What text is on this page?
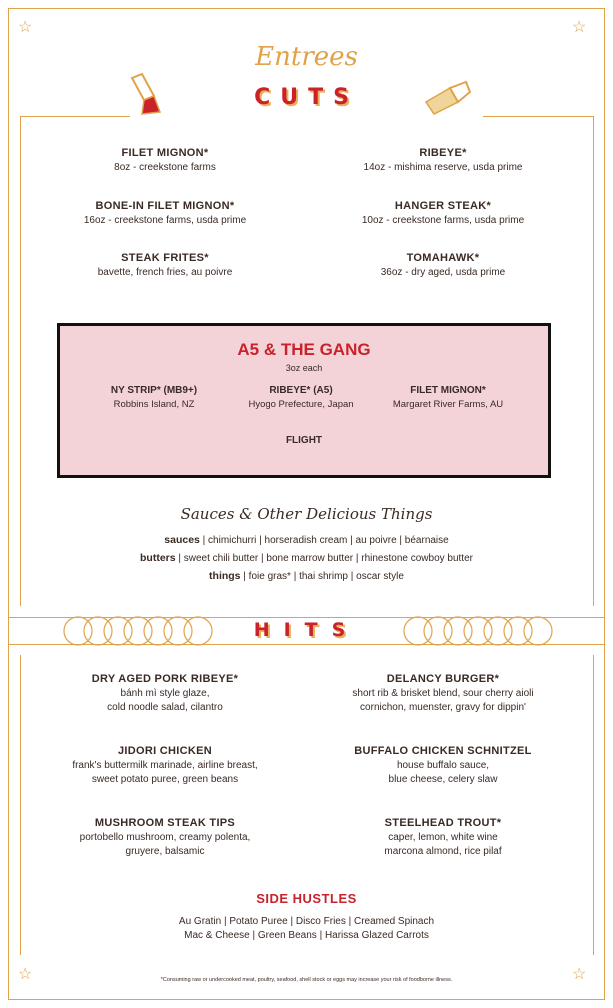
☆	☆
☆	☆
Entrees
CUTS
FILET MIGNON*
8oz - creekstone farms
RIBEYE*
14oz - mishima reserve, usda prime
BONE-IN FILET MIGNON*
16oz - creekstone farms, usda prime
HANGER STEAK*
10oz - creekstone farms, usda prime
STEAK FRITES*
bavette, french fries, au poivre
TOMAHAWK*
36oz - dry aged, usda prime
A5 & THE GANG
3oz each
NY STRIP* (MB9+)
Robbins Island, NZ
RIBEYE* (A5)
Hyogo Prefecture, Japan
FILET MIGNON*
Margaret River Farms, AU
FLIGHT
Sauces & Other Delicious Things
sauces | chimichurri | horseradish cream | au poivre | béarnaise
butters | sweet chili butter | bone marrow butter | rhinestone cowboy butter
things | foie gras* | thai shrimp | oscar style
HITS
DRY AGED PORK RIBEYE*
bánh mì style glaze,
cold noodle salad, cilantro
DELANCY BURGER*
short rib & brisket blend, sour cherry aioli
cornichon, muenster, gravy for dippin'
JIDORI CHICKEN
frank's buttermilk marinade, airline breast,
sweet potato puree, green beans
BUFFALO CHICKEN SCHNITZEL
house buffalo sauce,
blue cheese, celery slaw
MUSHROOM STEAK TIPS
portobello mushroom, creamy polenta,
gruyere, balsamic
STEELHEAD TROUT*
caper, lemon, white wine
marcona almond, rice pilaf
SIDE HUSTLES
Au Gratin | Potato Puree | Disco Fries | Creamed Spinach
Mac & Cheese | Green Beans | Harissa Glazed Carrots
*Consuming raw or undercooked meat, poultry, seafood, shell stock or eggs may increase your risk of foodborne illness.
